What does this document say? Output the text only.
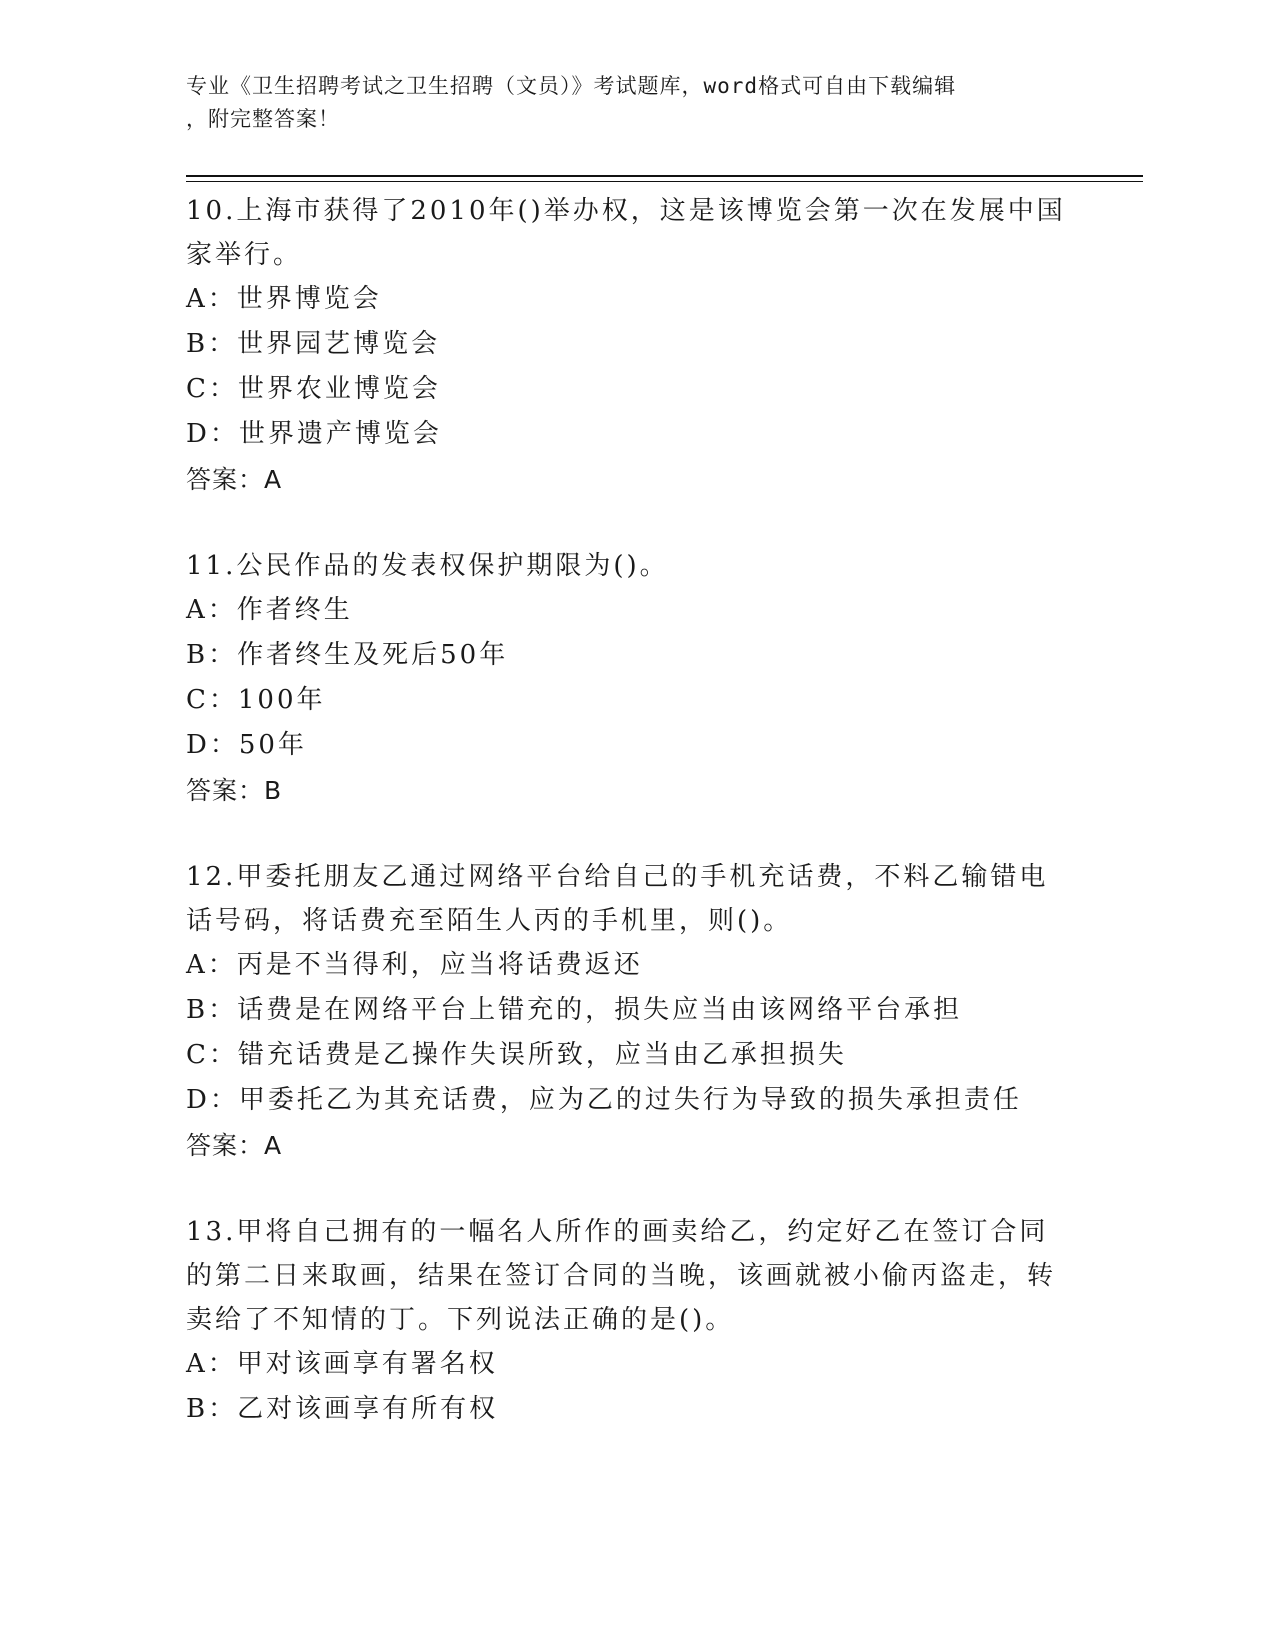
专业《卫生招聘考试之卫生招聘（文员）》考试题库，word格式可自由下载编辑
，附完整答案！
10.上海市获得了2010年()举办权，这是该博览会第一次在发展中国家举行。
A：世界博览会
B：世界园艺博览会
C：世界农业博览会
D：世界遗产博览会
答案：A
11.公民作品的发表权保护期限为()。
A：作者终生
B：作者终生及死后50年
C：100年
D：50年
答案：B
12.甲委托朋友乙通过网络平台给自己的手机充话费，不料乙输错电话号码，将话费充至陌生人丙的手机里，则()。
A：丙是不当得利，应当将话费返还
B：话费是在网络平台上错充的，损失应当由该网络平台承担
C：错充话费是乙操作失误所致，应当由乙承担损失
D：甲委托乙为其充话费，应为乙的过失行为导致的损失承担责任
答案：A
13.甲将自己拥有的一幅名人所作的画卖给乙，约定好乙在签订合同的第二日来取画，结果在签订合同的当晚，该画就被小偷丙盗走，转卖给了不知情的丁。下列说法正确的是()。
A：甲对该画享有署名权
B：乙对该画享有所有权
